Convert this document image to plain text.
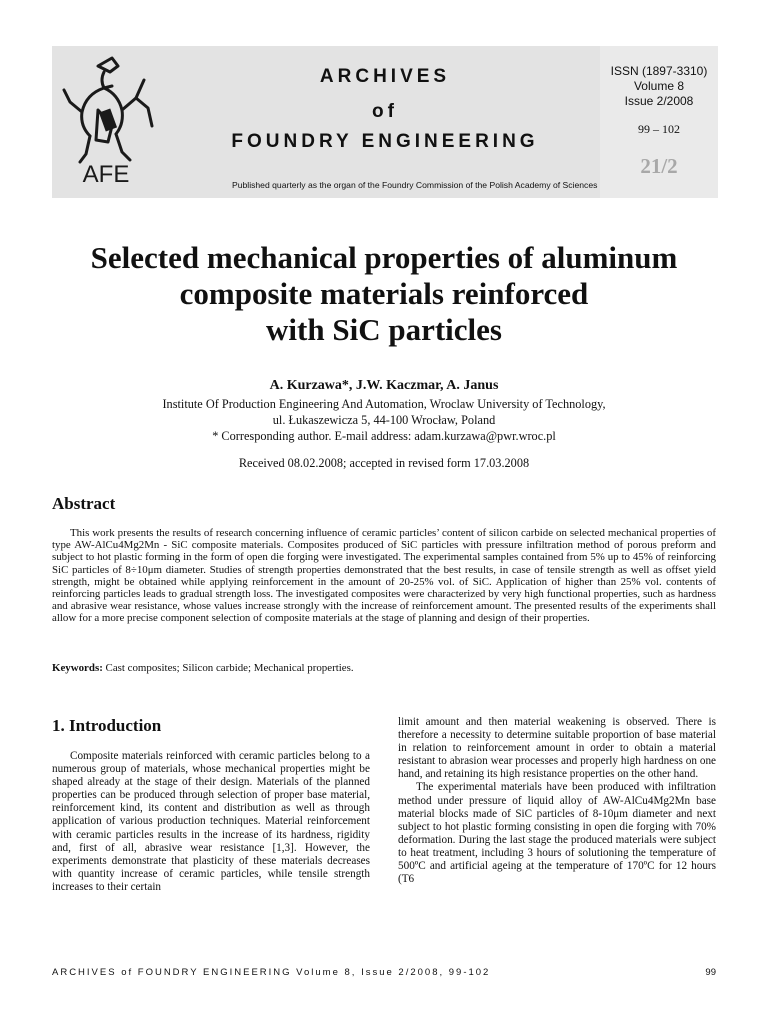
AFE
ARCHIVES
of
FOUNDRY ENGINEERING
Published quarterly as the organ of the Foundry Commission of the Polish Academy of Sciences
ISSN (1897-3310)
Volume 8
Issue 2/2008
99 – 102
21/2
Selected mechanical properties of aluminum
composite materials reinforced
with SiC particles
A. Kurzawa*, J.W. Kaczmar, A. Janus
Institute Of Production Engineering And Automation, Wroclaw University of Technology,
ul. Łukaszewicza 5, 44-100 Wrocław, Poland
* Corresponding author. E-mail address: adam.kurzawa@pwr.wroc.pl
Received 08.02.2008; accepted in revised form 17.03.2008
Abstract

This work presents the results of research concerning influence of ceramic particles’ content of silicon carbide on selected mechanical properties of type AW-AlCu4Mg2Mn - SiC composite materials. Composites produced of SiC particles with pressure infiltration method of porous preform and subject to hot plastic forming in the form of open die forging were investigated. The experimental samples contained from 5% up to 45% of reinforcing SiC particles of 8÷10μm diameter. Studies of strength properties demonstrated that the best results, in case of tensile strength as well as offset yield strength, might be obtained while applying reinforcement in the amount of 20-25% vol. of SiC. Application of higher than 25% vol. contents of reinforcing particles leads to gradual strength loss. The investigated composites were characterized by very high functional properties, such as hardness and abrasive wear resistance, whose values increase strongly with the increase of reinforcement amount. The presented results of the experiments shall allow for a more precise component selection of composite materials at the stage of planning and design of their properties.

Keywords: Cast composites; Silicon carbide; Mechanical properties.
1. Introduction

Composite materials reinforced with ceramic particles belong to a numerous group of materials, whose mechanical properties might be shaped already at the stage of their design. Materials of the planned properties can be produced through selection of proper base material, reinforcement kind, its content and distribution as well as through application of various production techniques. Material reinforcement with ceramic particles results in the increase of its hardness, rigidity and, first of all, abrasive wear resistance [1,3]. However, the experiments demonstrate that plasticity of these materials decreases with quantity increase of ceramic particles, while tensile strength increases to their certain

limit amount and then material weakening is observed. There is therefore a necessity to determine suitable proportion of base material in relation to reinforcement amount in order to obtain a material resistant to abrasion wear processes and properly high hardness on one hand, and retaining its high resistance properties on the other hand.

The experimental materials have been produced with infiltration method under pressure of liquid alloy of AW-AlCu4Mg2Mn base material blocks made of SiC particles of 8-10μm diameter and next subject to hot plastic forming consisting in open die forging with 70% deformation. During the last stage the produced materials were subject to heat treatment, including 3 hours of solutioning the temperature of 500ºC and artificial ageing at the temperature of 170ºC for 12 hours (T6

ARCHIVES of FOUNDRY ENGINEERING Volume 8, Issue 2/2008, 99-102	99
